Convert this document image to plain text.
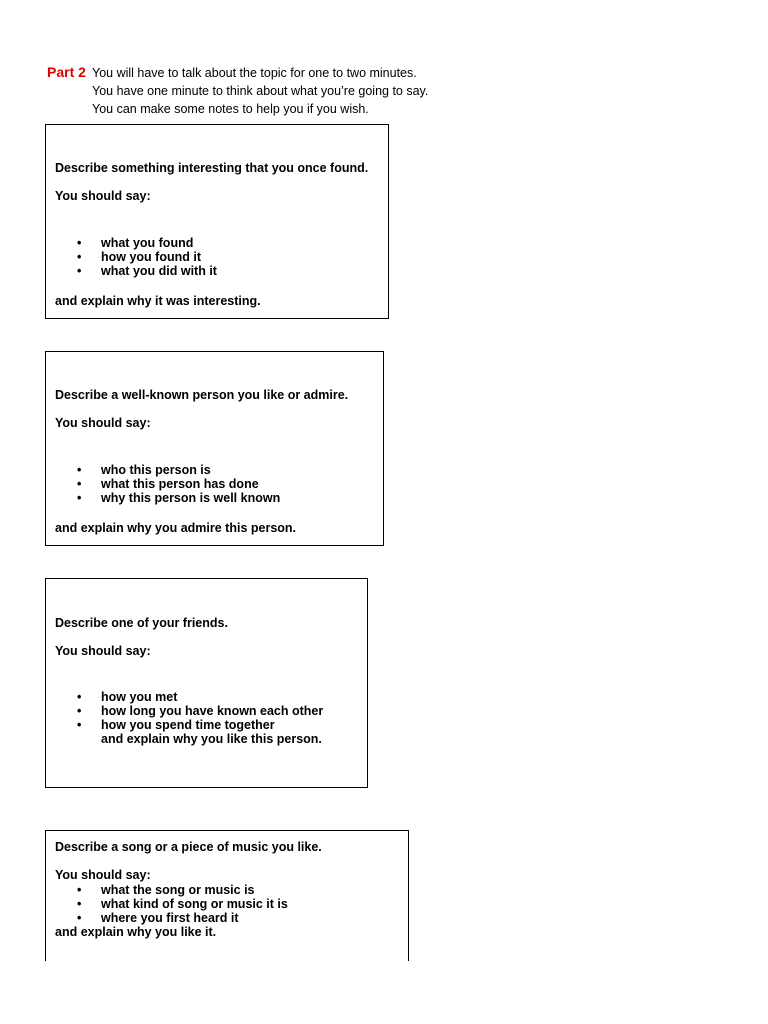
Part 2 You will have to talk about the topic for one to two minutes.
You have one minute to think about what you’re going to say.
You can make some notes to help you if you wish.
Describe something interesting that you once found.
You should say:
• what you found
• how you found it
• what you did with it
and explain why it was interesting.
Describe a well-known person you like or admire.
You should say:
• who this person is
• what this person has done
• why this person is well known
and explain why you admire this person.
Describe one of your friends.
You should say:
• how you met
• how long you have known each other
• how you spend time together
and explain why you like this person.
Describe a song or a piece of music you like.
You should say:
• what the song or music is
• what kind of song or music it is
• where you first heard it
and explain why you like it.
